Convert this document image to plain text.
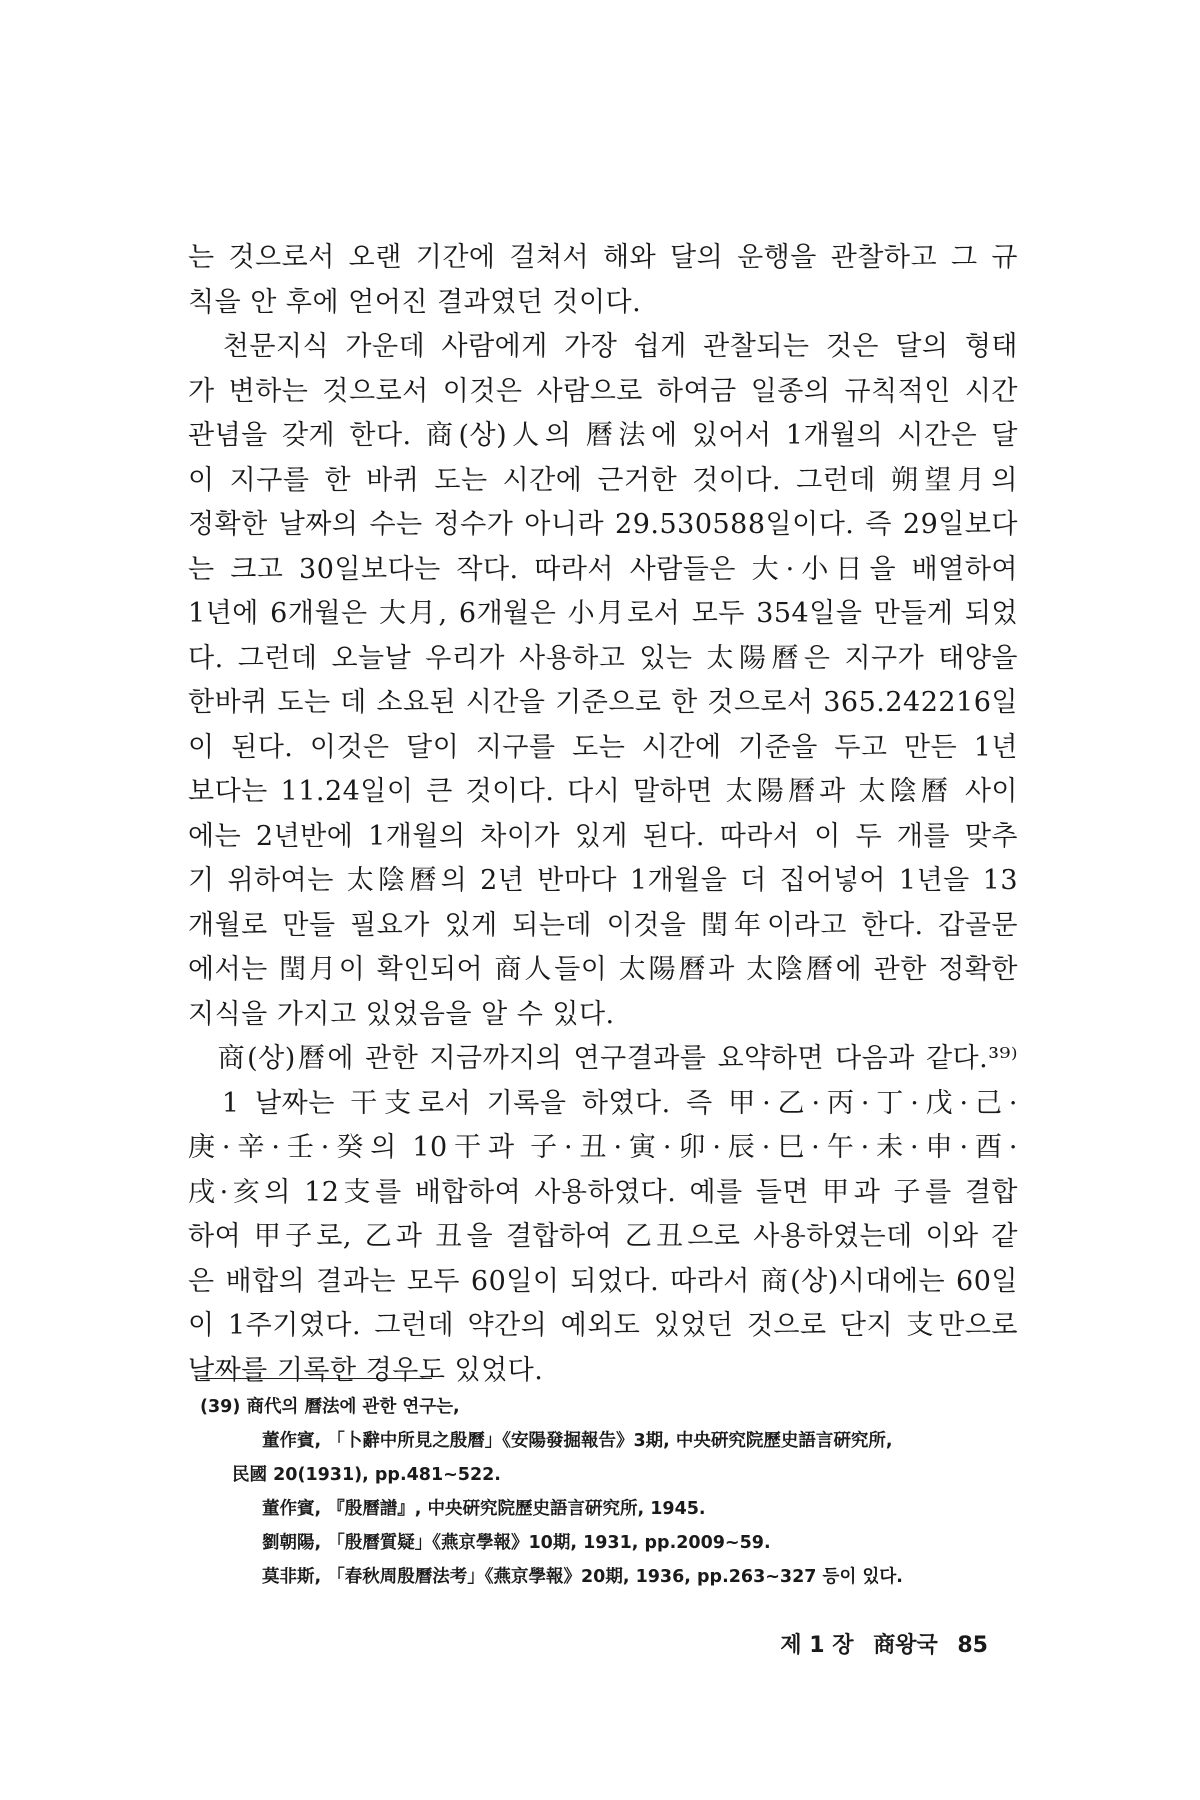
는 것으로서 오랜 기간에 걸쳐서 해와 달의 운행을 관찰하고 그 규
칙을 안 후에 얻어진 결과였던 것이다.
　천문지식 가운데 사람에게 가장 쉽게 관찰되는 것은 달의 형태
가 변하는 것으로서 이것은 사람으로 하여금 일종의 규칙적인 시간
관념을 갖게 한다. 商(상)人의 曆法에 있어서 1개월의 시간은 달
이 지구를 한 바퀴 도는 시간에 근거한 것이다. 그런데 朔望月의
정확한 날짜의 수는 정수가 아니라 29.530588일이다. 즉 29일보다
는 크고 30일보다는 작다. 따라서 사람들은 大·小日을 배열하여
1년에 6개월은 大月, 6개월은 小月로서 모두 354일을 만들게 되었
다. 그런데 오늘날 우리가 사용하고 있는 太陽曆은 지구가 태양을
한바퀴 도는 데 소요된 시간을 기준으로 한 것으로서 365.242216일
이 된다. 이것은 달이 지구를 도는 시간에 기준을 두고 만든 1년
보다는 11.24일이 큰 것이다. 다시 말하면 太陽曆과 太陰曆 사이
에는 2년반에 1개월의 차이가 있게 된다. 따라서 이 두 개를 맞추
기 위하여는 太陰曆의 2년 반마다 1개월을 더 집어넣어 1년을 13
개월로 만들 필요가 있게 되는데 이것을 閏年이라고 한다. 갑골문
에서는 閏月이 확인되어 商人들이 太陽曆과 太陰曆에 관한 정확한
지식을 가지고 있었음을 알 수 있다.
　商(상)曆에 관한 지금까지의 연구결과를 요약하면 다음과 같다.³⁹⁾
　1 날짜는 干支로서 기록을 하였다. 즉 甲·乙·丙·丁·戊·己·
庚·辛·壬·癸의 10干과 子·丑·寅·卯·辰·巳·午·未·申·酉·
戌·亥의 12支를 배합하여 사용하였다. 예를 들면 甲과 子를 결합
하여 甲子로, 乙과 丑을 결합하여 乙丑으로 사용하였는데 이와 같
은 배합의 결과는 모두 60일이 되었다. 따라서 商(상)시대에는 60일
이 1주기였다. 그런데 약간의 예외도 있었던 것으로 단지 支만으로
날짜를 기록한 경우도 있었다.
(39) 商代의 曆法에 관한 연구는,
董作賓, 「卜辭中所見之殷曆」《安陽發掘報告》3期, 中央硏究院歷史語言硏究所,
民國 20(1931), pp.481~522.
董作賓, 『殷曆譜』, 中央硏究院歷史語言硏究所, 1945.
劉朝陽, 「殷曆質疑」《燕京學報》10期, 1931, pp.2009~59.
莫非斯, 「春秋周殷曆法考」《燕京學報》20期, 1936, pp.263~327 등이 있다.
제 1 장 商왕국 85
